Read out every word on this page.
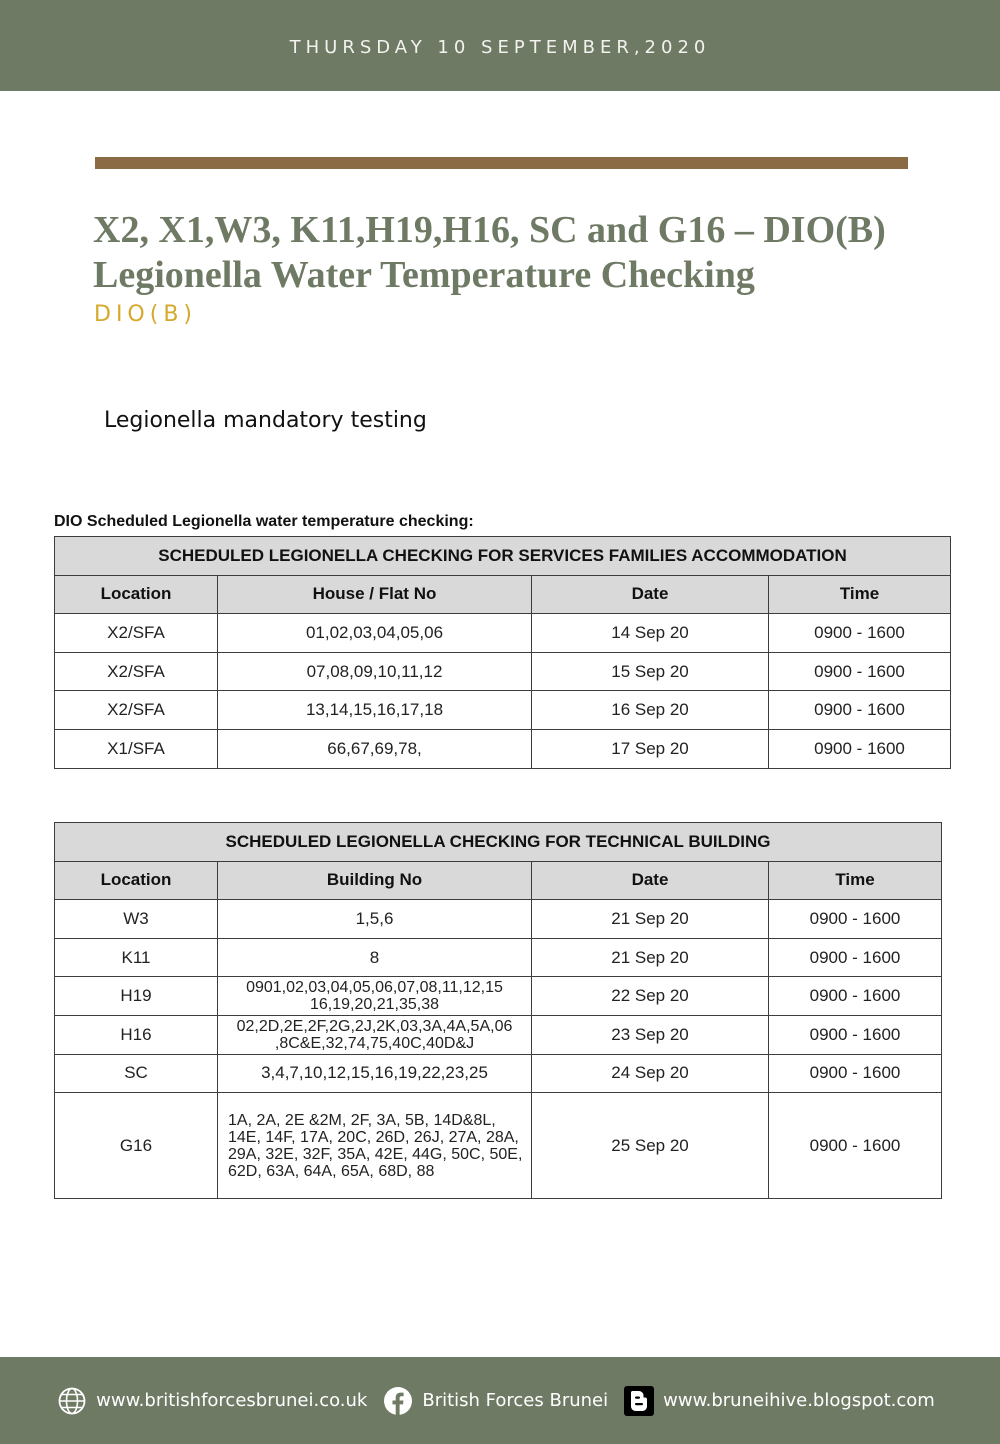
THURSDAY 10 SEPTEMBER,2020
X2, X1,W3, K11,H19,H16, SC and G16 – DIO(B)
Legionella Water Temperature Checking
DIO(B)

Legionella mandatory testing

DIO Scheduled Legionella water temperature checking:
SCHEDULED LEGIONELLA CHECKING FOR SERVICES FAMILIES ACCOMMODATION			
Location	House / Flat No	Date	Time
X2/SFA	01,02,03,04,05,06	14 Sep 20	0900 - 1600
X2/SFA	07,08,09,10,11,12	15 Sep 20	0900 - 1600
X2/SFA	13,14,15,16,17,18	16 Sep 20	0900 - 1600
X1/SFA	66,67,69,78,	17 Sep 20	0900 - 1600
SCHEDULED LEGIONELLA CHECKING FOR TECHNICAL BUILDING			
Location	Building No	Date	Time
W3	1,5,6	21 Sep 20	0900 - 1600
K11	8	21 Sep 20	0900 - 1600
H19	0901,02,03,04,05,06,07,08,11,12,15 16,19,20,21,35,38	22 Sep 20	0900 - 1600
H16	02,2D,2E,2F,2G,2J,2K,03,3A,4A,5A,06 ,8C&E,32,74,75,40C,40D&J	23 Sep 20	0900 - 1600
SC	3,4,7,10,12,15,16,19,22,23,25	24 Sep 20	0900 - 1600
G16	1A, 2A, 2E &2M, 2F, 3A, 5B, 14D&8L, 14E, 14F, 17A, 20C, 26D, 26J, 27A, 28A, 29A, 32E, 32F, 35A, 42E, 44G, 50C, 50E, 62D, 63A, 64A, 65A, 68D, 88	25 Sep 20	0900 - 1600
www.britishforcesbrunei.co.uk	British Forces Brunei	www.bruneihive.blogspot.com
